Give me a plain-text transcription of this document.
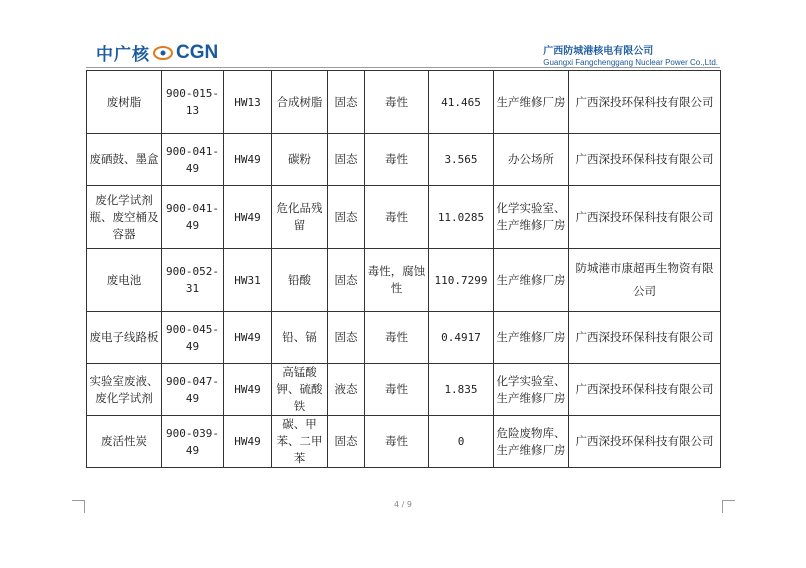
中广核 CGN	广西防城港核电有限公司
Guangxi Fangchenggang Nuclear Power Co.,Ltd.
废树脂	900-015-13	HW13	合成树脂	固态	毒性	41.465	生产维修厂房	广西深投环保科技有限公司
废硒鼓、墨盒	900-041-49	HW49	碳粉	固态	毒性	3.565	办公场所	广西深投环保科技有限公司
废化学试剂瓶、废空桶及容器	900-041-49	HW49	危化品残留	固态	毒性	11.0285	化学实验室、生产维修厂房	广西深投环保科技有限公司
废电池	900-052-31	HW31	铅酸	固态	毒性，腐蚀性	110.7299	生产维修厂房	防城港市康超再生物资有限公司
废电子线路板	900-045-49	HW49	铅、镉	固态	毒性	0.4917	生产维修厂房	广西深投环保科技有限公司
实验室废液、废化学试剂	900-047-49	HW49	高锰酸钾、硫酸铁	液态	毒性	1.835	化学实验室、生产维修厂房	广西深投环保科技有限公司
废活性炭	900-039-49	HW49	碳、甲苯、二甲苯	固态	毒性	0	危险废物库、生产维修厂房	广西深投环保科技有限公司
4 / 9
